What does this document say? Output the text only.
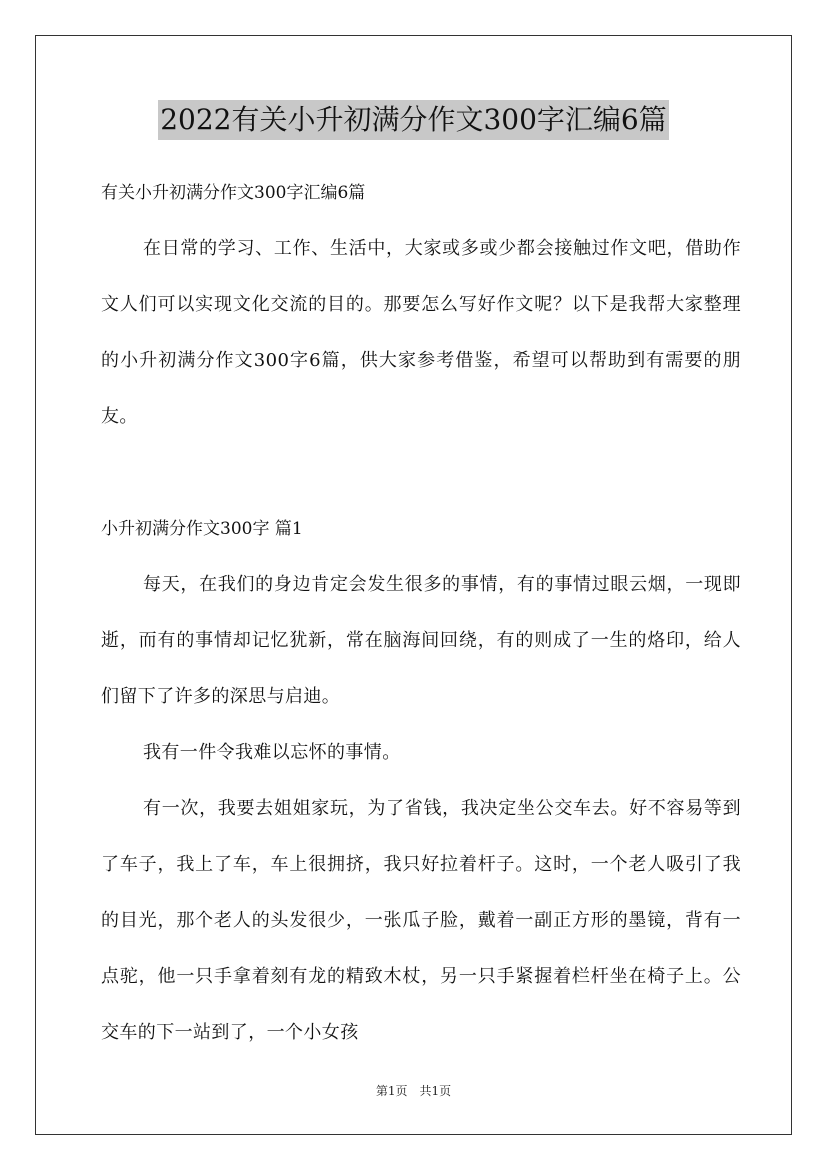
2022有关小升初满分作文300字汇编6篇

有关小升初满分作文300字汇编6篇

在日常的学习、工作、生活中，大家或多或少都会接触过作文吧，借助作文人们可以实现文化交流的目的。那要怎么写好作文呢？以下是我帮大家整理的小升初满分作文300字6篇，供大家参考借鉴，希望可以帮助到有需要的朋友。

小升初满分作文300字 篇1

每天，在我们的身边肯定会发生很多的事情，有的事情过眼云烟，一现即逝，而有的事情却记忆犹新，常在脑海间回绕，有的则成了一生的烙印，给人们留下了许多的深思与启迪。

我有一件令我难以忘怀的事情。

有一次，我要去姐姐家玩，为了省钱，我决定坐公交车去。好不容易等到了车子，我上了车，车上很拥挤，我只好拉着杆子。这时，一个老人吸引了我的目光，那个老人的头发很少，一张瓜子脸，戴着一副正方形的墨镜，背有一点驼，他一只手拿着刻有龙的精致木杖，另一只手紧握着栏杆坐在椅子上。公交车的下一站到了，一个小女孩

第1页　共1页
